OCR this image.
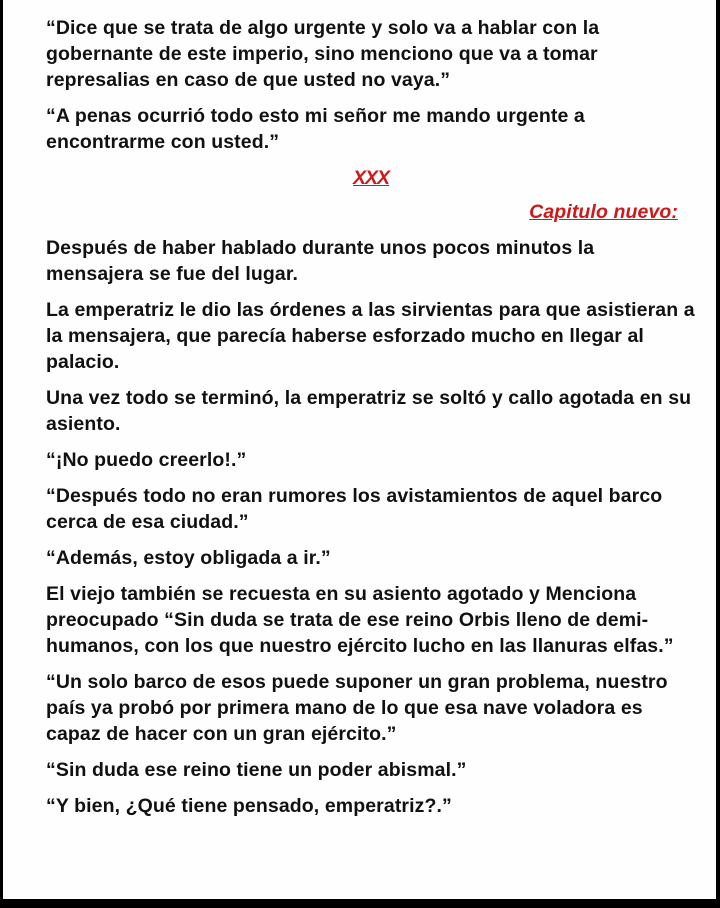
“Dice que se trata de algo urgente y solo va a hablar con la gobernante de este imperio, sino menciono que va a tomar represalias en caso de que usted no vaya.”

“A penas ocurrió todo esto mi señor me mando urgente a encontrarme con usted.”

XXX
Capitulo nuevo:

Después de haber hablado durante unos pocos minutos la mensajera se fue del lugar.

La emperatriz le dio las órdenes a las sirvientas para que asistieran a la mensajera, que parecía haberse esforzado mucho en llegar al palacio.

Una vez todo se terminó, la emperatriz se soltó y callo agotada en su asiento.

“¡No puedo creerlo!.”

“Después todo no eran rumores los avistamientos de aquel barco cerca de esa ciudad.”

“Además, estoy obligada a ir.”

El viejo también se recuesta en su asiento agotado y Menciona preocupado “Sin duda se trata de ese reino Orbis lleno de demi-humanos, con los que nuestro ejército lucho en las llanuras elfas.”

“Un solo barco de esos puede suponer un gran problema, nuestro país ya probó por primera mano de lo que esa nave voladora es capaz de hacer con un gran ejército.”

“Sin duda ese reino tiene un poder abismal.”

“Y bien, ¿Qué tiene pensado, emperatriz?.”
